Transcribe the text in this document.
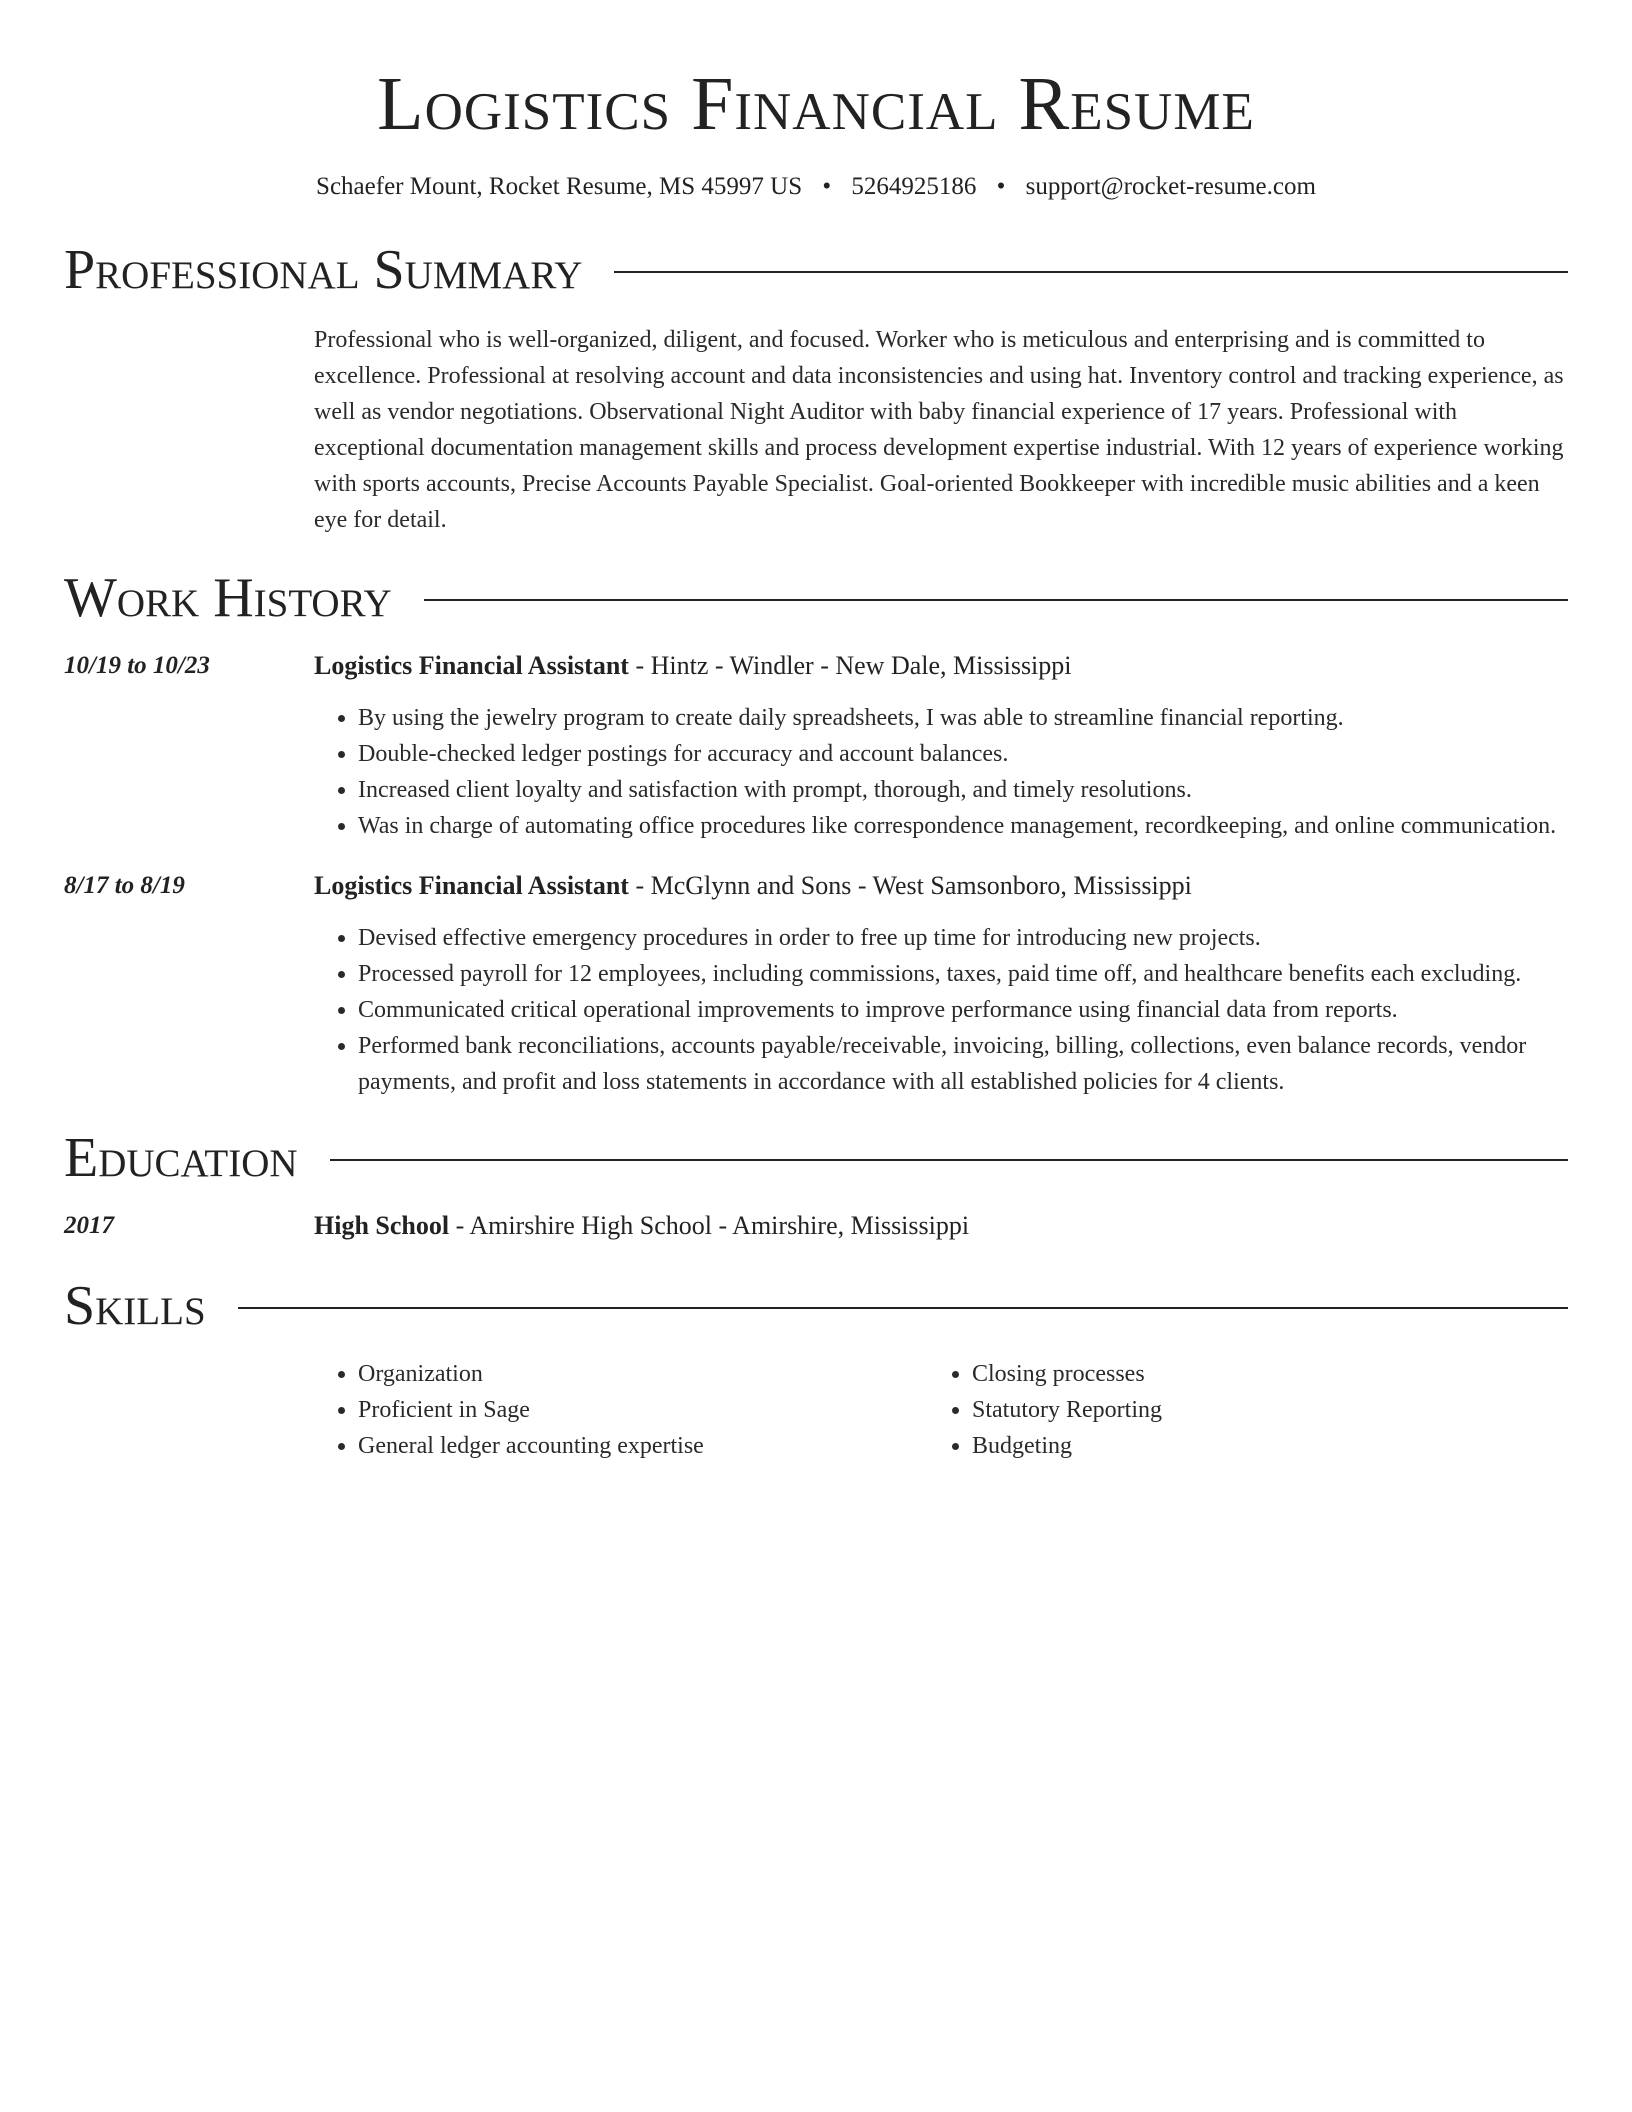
Logistics Financial Resume
Schaefer Mount, Rocket Resume, MS 45997 US • 5264925186 • support@rocket-resume.com
Professional Summary
Professional who is well-organized, diligent, and focused. Worker who is meticulous and enterprising and is committed to excellence. Professional at resolving account and data inconsistencies and using hat. Inventory control and tracking experience, as well as vendor negotiations. Observational Night Auditor with baby financial experience of 17 years. Professional with exceptional documentation management skills and process development expertise industrial. With 12 years of experience working with sports accounts, Precise Accounts Payable Specialist. Goal-oriented Bookkeeper with incredible music abilities and a keen eye for detail.
Work History
10/19 to 10/23	Logistics Financial Assistant - Hintz - Windler - New Dale, Mississippi
• By using the jewelry program to create daily spreadsheets, I was able to streamline financial reporting.
• Double-checked ledger postings for accuracy and account balances.
• Increased client loyalty and satisfaction with prompt, thorough, and timely resolutions.
• Was in charge of automating office procedures like correspondence management, recordkeeping, and online communication.
8/17 to 8/19	Logistics Financial Assistant - McGlynn and Sons - West Samsonboro, Mississippi
• Devised effective emergency procedures in order to free up time for introducing new projects.
• Processed payroll for 12 employees, including commissions, taxes, paid time off, and healthcare benefits each excluding.
• Communicated critical operational improvements to improve performance using financial data from reports.
• Performed bank reconciliations, accounts payable/receivable, invoicing, billing, collections, even balance records, vendor payments, and profit and loss statements in accordance with all established policies for 4 clients.
Education
2017	High School - Amirshire High School - Amirshire, Mississippi
Skills
• Organization
• Proficient in Sage
• General ledger accounting expertise
• Closing processes
• Statutory Reporting
• Budgeting
